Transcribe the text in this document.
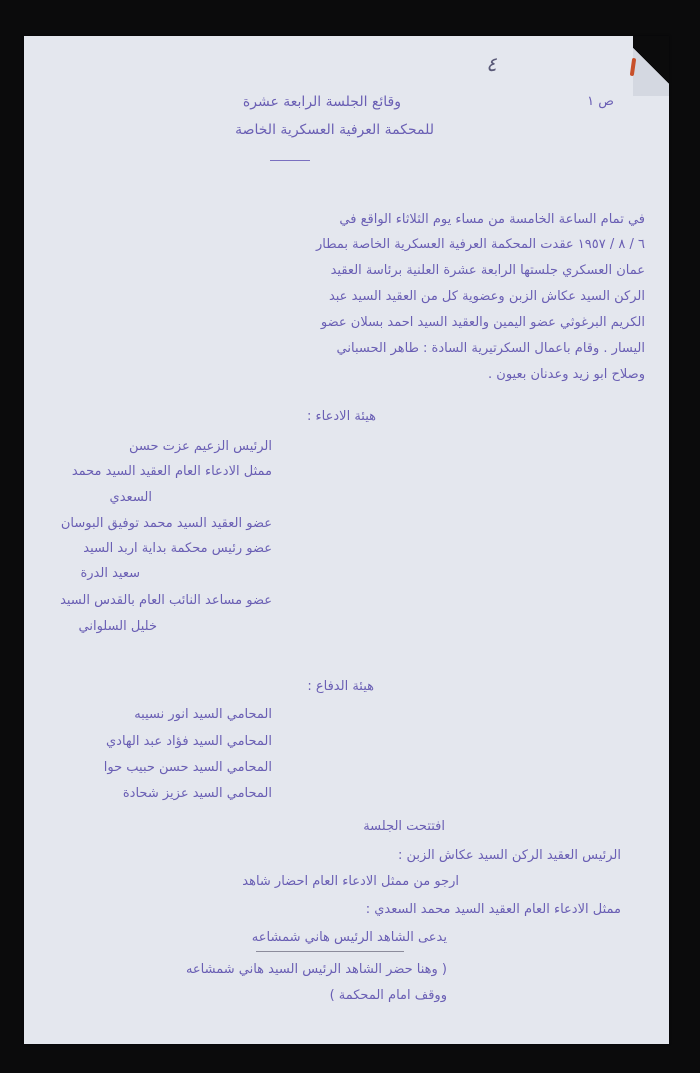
٤
ص ١
وقائع الجلسة الرابعة عشرة
للمحكمة العرفية العسكرية الخاصة
في تمام الساعة الخامسة من مساء يوم الثلاثاء الواقع في
٦ / ٨ / ١٩٥٧ عقدت المحكمة العرفية العسكرية الخاصة بمطار
عمان العسكري جلستها الرابعة عشرة العلنية برئاسة العقيد
الركن السيد عكاش الزبن وعضوية كل من العقيد السيد عبد
الكريم البرغوثي عضو اليمين والعقيد السيد احمد بسلان عضو
اليسار . وقام باعمال السكرتيرية السادة : طاهر الحسباني
وصلاح ابو زيد وعدنان بعيون .
هيئة الادعاء :
الرئيس الزعيم عزت حسن
ممثل الادعاء العام العقيد السيد محمد
السعدي
عضو العقيد السيد محمد توفيق البوسان
عضو رئيس محكمة بداية اربد السيد
سعيد الدرة
عضو مساعد النائب العام بالقدس السيد
خليل السلواني
هيئة الدفاع :
المحامي السيد انور نسيبه
المحامي السيد فؤاد عبد الهادي
المحامي السيد حسن حبيب حوا
المحامي السيد عزيز شحادة
افتتحت الجلسة
الرئيس العقيد الركن السيد عكاش الزبن :
ارجو من ممثل الادعاء العام احضار شاهد
ممثل الادعاء العام العقيد السيد محمد السعدي :
يدعى الشاهد الرئيس هاني شمشاعه
( وهنا حضر الشاهد الرئيس السيد هاني شمشاعه
ووقف امام المحكمة )
